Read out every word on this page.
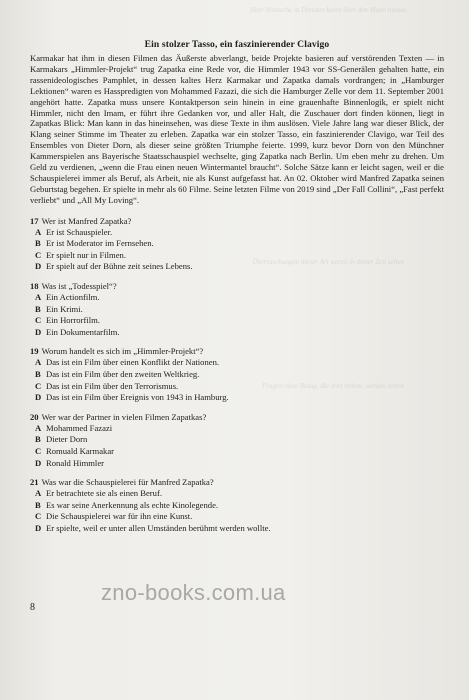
Herr Nietzsche in Dresden kennt über den Mann hinaus
Überraschungen dieser Art waren in dieser Zeit selten
Fragen ohne Bezug, die dort stehen, werden selten
Ein stolzer Tasso, ein faszinierender Clavigo

Karmakar hat ihm in diesen Filmen das Äußerste abverlangt, beide Projekte basieren auf verstörenden Texten — in Karmakars „Himmler-Projekt“ trug Zapatka eine Rede vor, die Himmler 1943 vor SS-Generälen gehalten hatte, ein rassenideologisches Pamphlet, in dessen kaltes Herz Karmakar und Zapatka damals vordrangen; in „Hamburger Lektionen“ waren es Hasspredigten von Mohammed Fazazi, die sich die Hamburger Zelle vor dem 11. September 2001 angehört hatte. Zapatka muss unsere Kontaktperson sein hinein in eine grauenhafte Binnenlogik, er spielt nicht Himmler, nicht den Imam, er führt ihre Gedanken vor, und aller Halt, die Zuschauer dort finden können, liegt in Zapatkas Blick: Man kann in das hineinsehen, was diese Texte in ihm auslösen. Viele Jahre lang war dieser Blick, der Klang seiner Stimme im Theater zu erleben. Zapatka war ein stolzer Tasso, ein faszinierender Clavigo, war Teil des Ensembles von Dieter Dorn, als dieser seine größten Triumphe feierte. 1999, kurz bevor Dorn von den Münchner Kammerspielen ans Bayerische Staatsschauspiel wechselte, ging Zapatka nach Berlin. Um eben mehr zu drehen. Um Geld zu verdienen, „wenn die Frau einen neuen Wintermantel braucht“. Solche Sätze kann er leicht sagen, weil er die Schauspielerei immer als Beruf, als Arbeit, nie als Kunst aufgefasst hat. An 02. Oktober wird Manfred Zapatka seinen Geburtstag begehen. Er spielte in mehr als 60 Filme. Seine letzten Filme von 2019 sind „Der Fall Collini“, „Fast perfekt verliebt“ und „All My Loving“.

17 Wer ist Manfred Zapatka?
A Er ist Schauspieler.
B Er ist Moderator im Fernsehen.
C Er spielt nur in Filmen.
D Er spielt auf der Bühne zeit seines Lebens.
18 Was ist „Todesspiel“?
A Ein Actionfilm.
B Ein Krimi.
C Ein Horrorfilm.
D Ein Dokumentarfilm.
19 Worum handelt es sich im „Himmler-Projekt“?
A Das ist ein Film über einen Konflikt der Nationen.
B Das ist ein Film über den zweiten Weltkrieg.
C Das ist ein Film über den Terrorismus.
D Das ist ein Film über Ereignis von 1943 in Hamburg.
20 Wer war der Partner in vielen Filmen Zapatkas?
A Mohammed Fazazi
B Dieter Dorn
C Romuald Karmakar
D Ronald Himmler
21 Was war die Schauspielerei für Manfred Zapatka?
A Er betrachtete sie als einen Beruf.
B Es war seine Anerkennung als echte Kinolegende.
C Die Schauspielerei war für ihn eine Kunst.
D Er spielte, weil er unter allen Umständen berühmt werden wollte.
zno-books.com.ua
8
